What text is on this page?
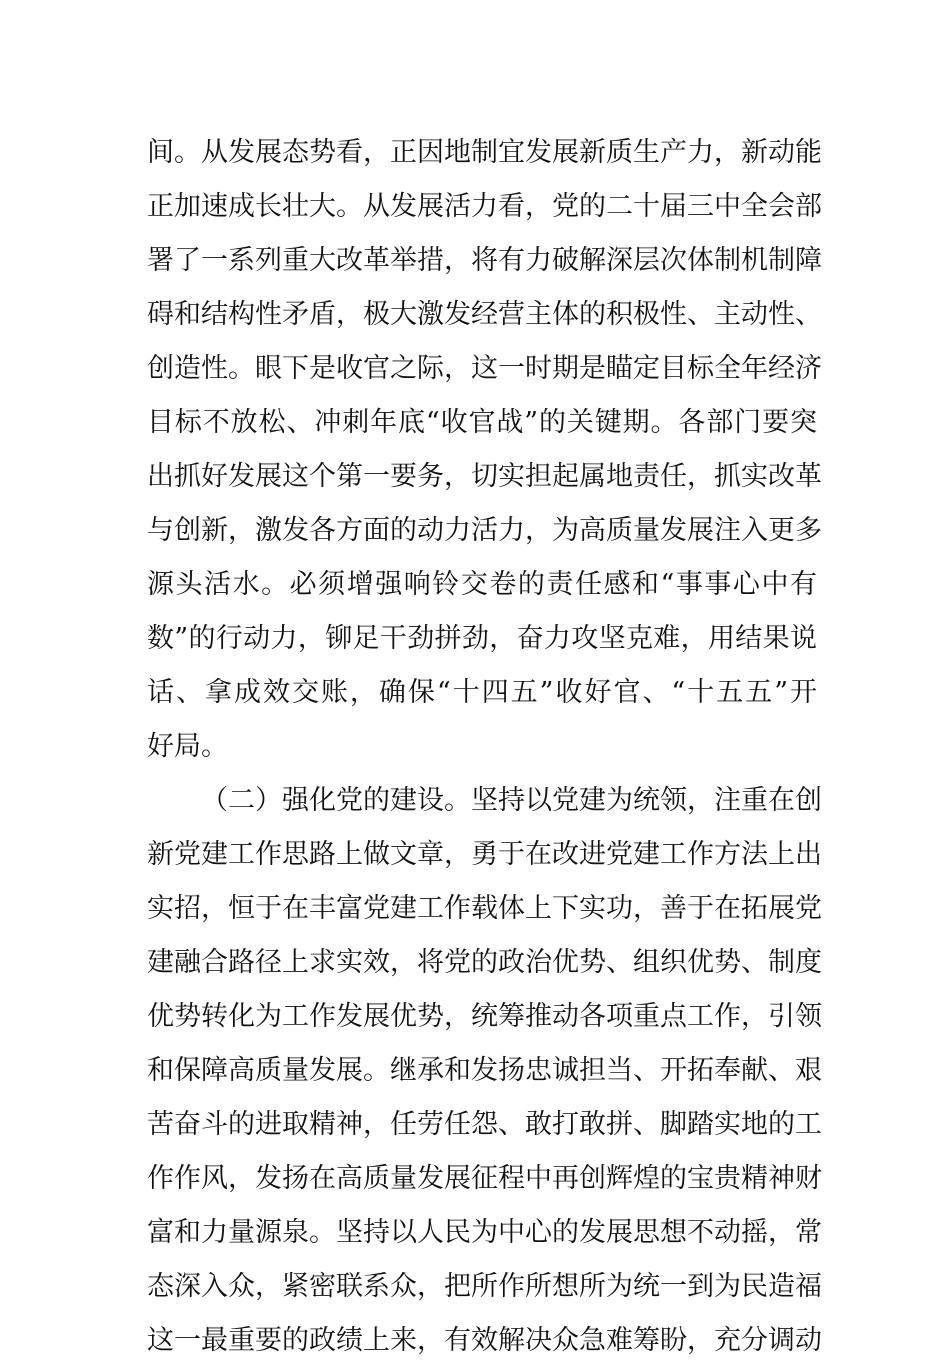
间。从发展态势看，正因地制宜发展新质生产力，新动能
正加速成长壮大。从发展活力看，党的二十届三中全会部
署了一系列重大改革举措，将有力破解深层次体制机制障
碍和结构性矛盾，极大激发经营主体的积极性、主动性、
创造性。眼下是收官之际，这一时期是瞄定目标全年经济
目标不放松、冲刺年底“收官战”的关键期。各部门要突
出抓好发展这个第一要务，切实担起属地责任，抓实改革
与创新，激发各方面的动力活力，为高质量发展注入更多
源头活水。必须增强响铃交卷的责任感和“事事心中有
数”的行动力，铆足干劲拼劲，奋力攻坚克难，用结果说
话、拿成效交账，确保“十四五”收好官、“十五五”开
好局。
（二）强化党的建设。坚持以党建为统领，注重在创
新党建工作思路上做文章，勇于在改进党建工作方法上出
实招，恒于在丰富党建工作载体上下实功，善于在拓展党
建融合路径上求实效，将党的政治优势、组织优势、制度
优势转化为工作发展优势，统筹推动各项重点工作，引领
和保障高质量发展。继承和发扬忠诚担当、开拓奉献、艰
苦奋斗的进取精神，任劳任怨、敢打敢拼、脚踏实地的工
作作风，发扬在高质量发展征程中再创辉煌的宝贵精神财
富和力量源泉。坚持以人民为中心的发展思想不动摇，常
态深入众，紧密联系众，把所作所想所为统一到为民造福
这一最重要的政绩上来，有效解决众急难筹盼，充分调动
